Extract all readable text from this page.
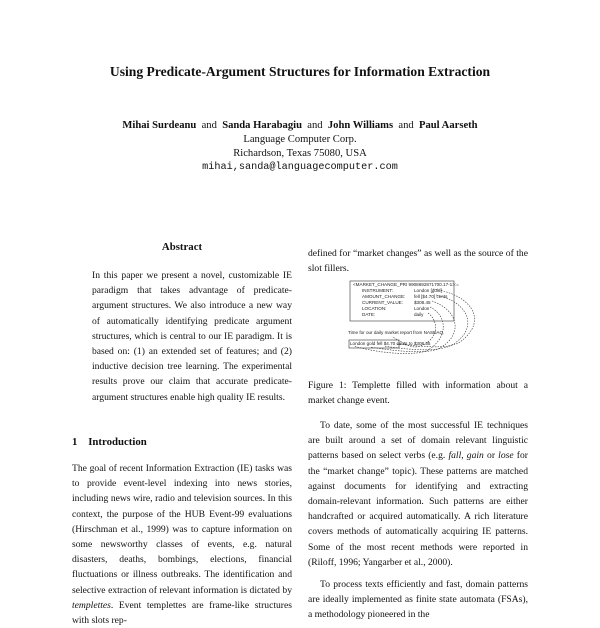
Using Predicate-Argument Structures for Information Extraction
Mihai Surdeanu and Sanda Harabagiu and John Williams and Paul Aarseth
Language Computer Corp.
Richardson, Texas 75080, USA
mihai,sanda@languagecomputer.com
Abstract
In this paper we present a novel, customizable IE paradigm that takes advantage of predicate-argument structures. We also introduce a new way of automatically identifying predicate argument structures, which is central to our IE paradigm. It is based on: (1) an extended set of features; and (2) inductive decision tree learning. The experimental results prove our claim that accurate predicate-argument structures enable high quality IE results.
1 Introduction

The goal of recent Information Extraction (IE) tasks was to provide event-level indexing into news stories, including news wire, radio and television sources. In this context, the purpose of the HUB Event-99 evaluations (Hirschman et al., 1999) was to capture information on some newsworthy classes of events, e.g. natural disasters, deaths, bombings, elections, financial fluctuations or illness outbreaks. The identification and selective extraction of relevant information is dictated by templettes. Event templettes are frame-like structures with slots rep-

defined for “market changes” as well as the source of the slot fillers.
<MARKET_CHANGE_PRI 9908692871700.17-1>:=
INSTRUMENT:	London [gold]
AMOUNT_CHANGE: fell [$4.70] cents
CURRENT_VALUE: $308.45
LOCATION:	London
DATE:	daily
Time for our daily market report from NASDAQ.
London gold fell $4.70 cents to $308.35
Figure 1: Templette filled with information about a market change event.

To date, some of the most successful IE techniques are built around a set of domain relevant linguistic patterns based on select verbs (e.g. fall, gain or lose for the “market change” topic). These patterns are matched against documents for identifying and extracting domain-relevant information. Such patterns are either handcrafted or acquired automatically. A rich literature covers methods of automatically acquiring IE patterns. Some of the most recent methods were reported in (Riloff, 1996; Yangarber et al., 2000).

To process texts efficiently and fast, domain patterns are ideally implemented as finite state automata (FSAs), a methodology pioneered in the
